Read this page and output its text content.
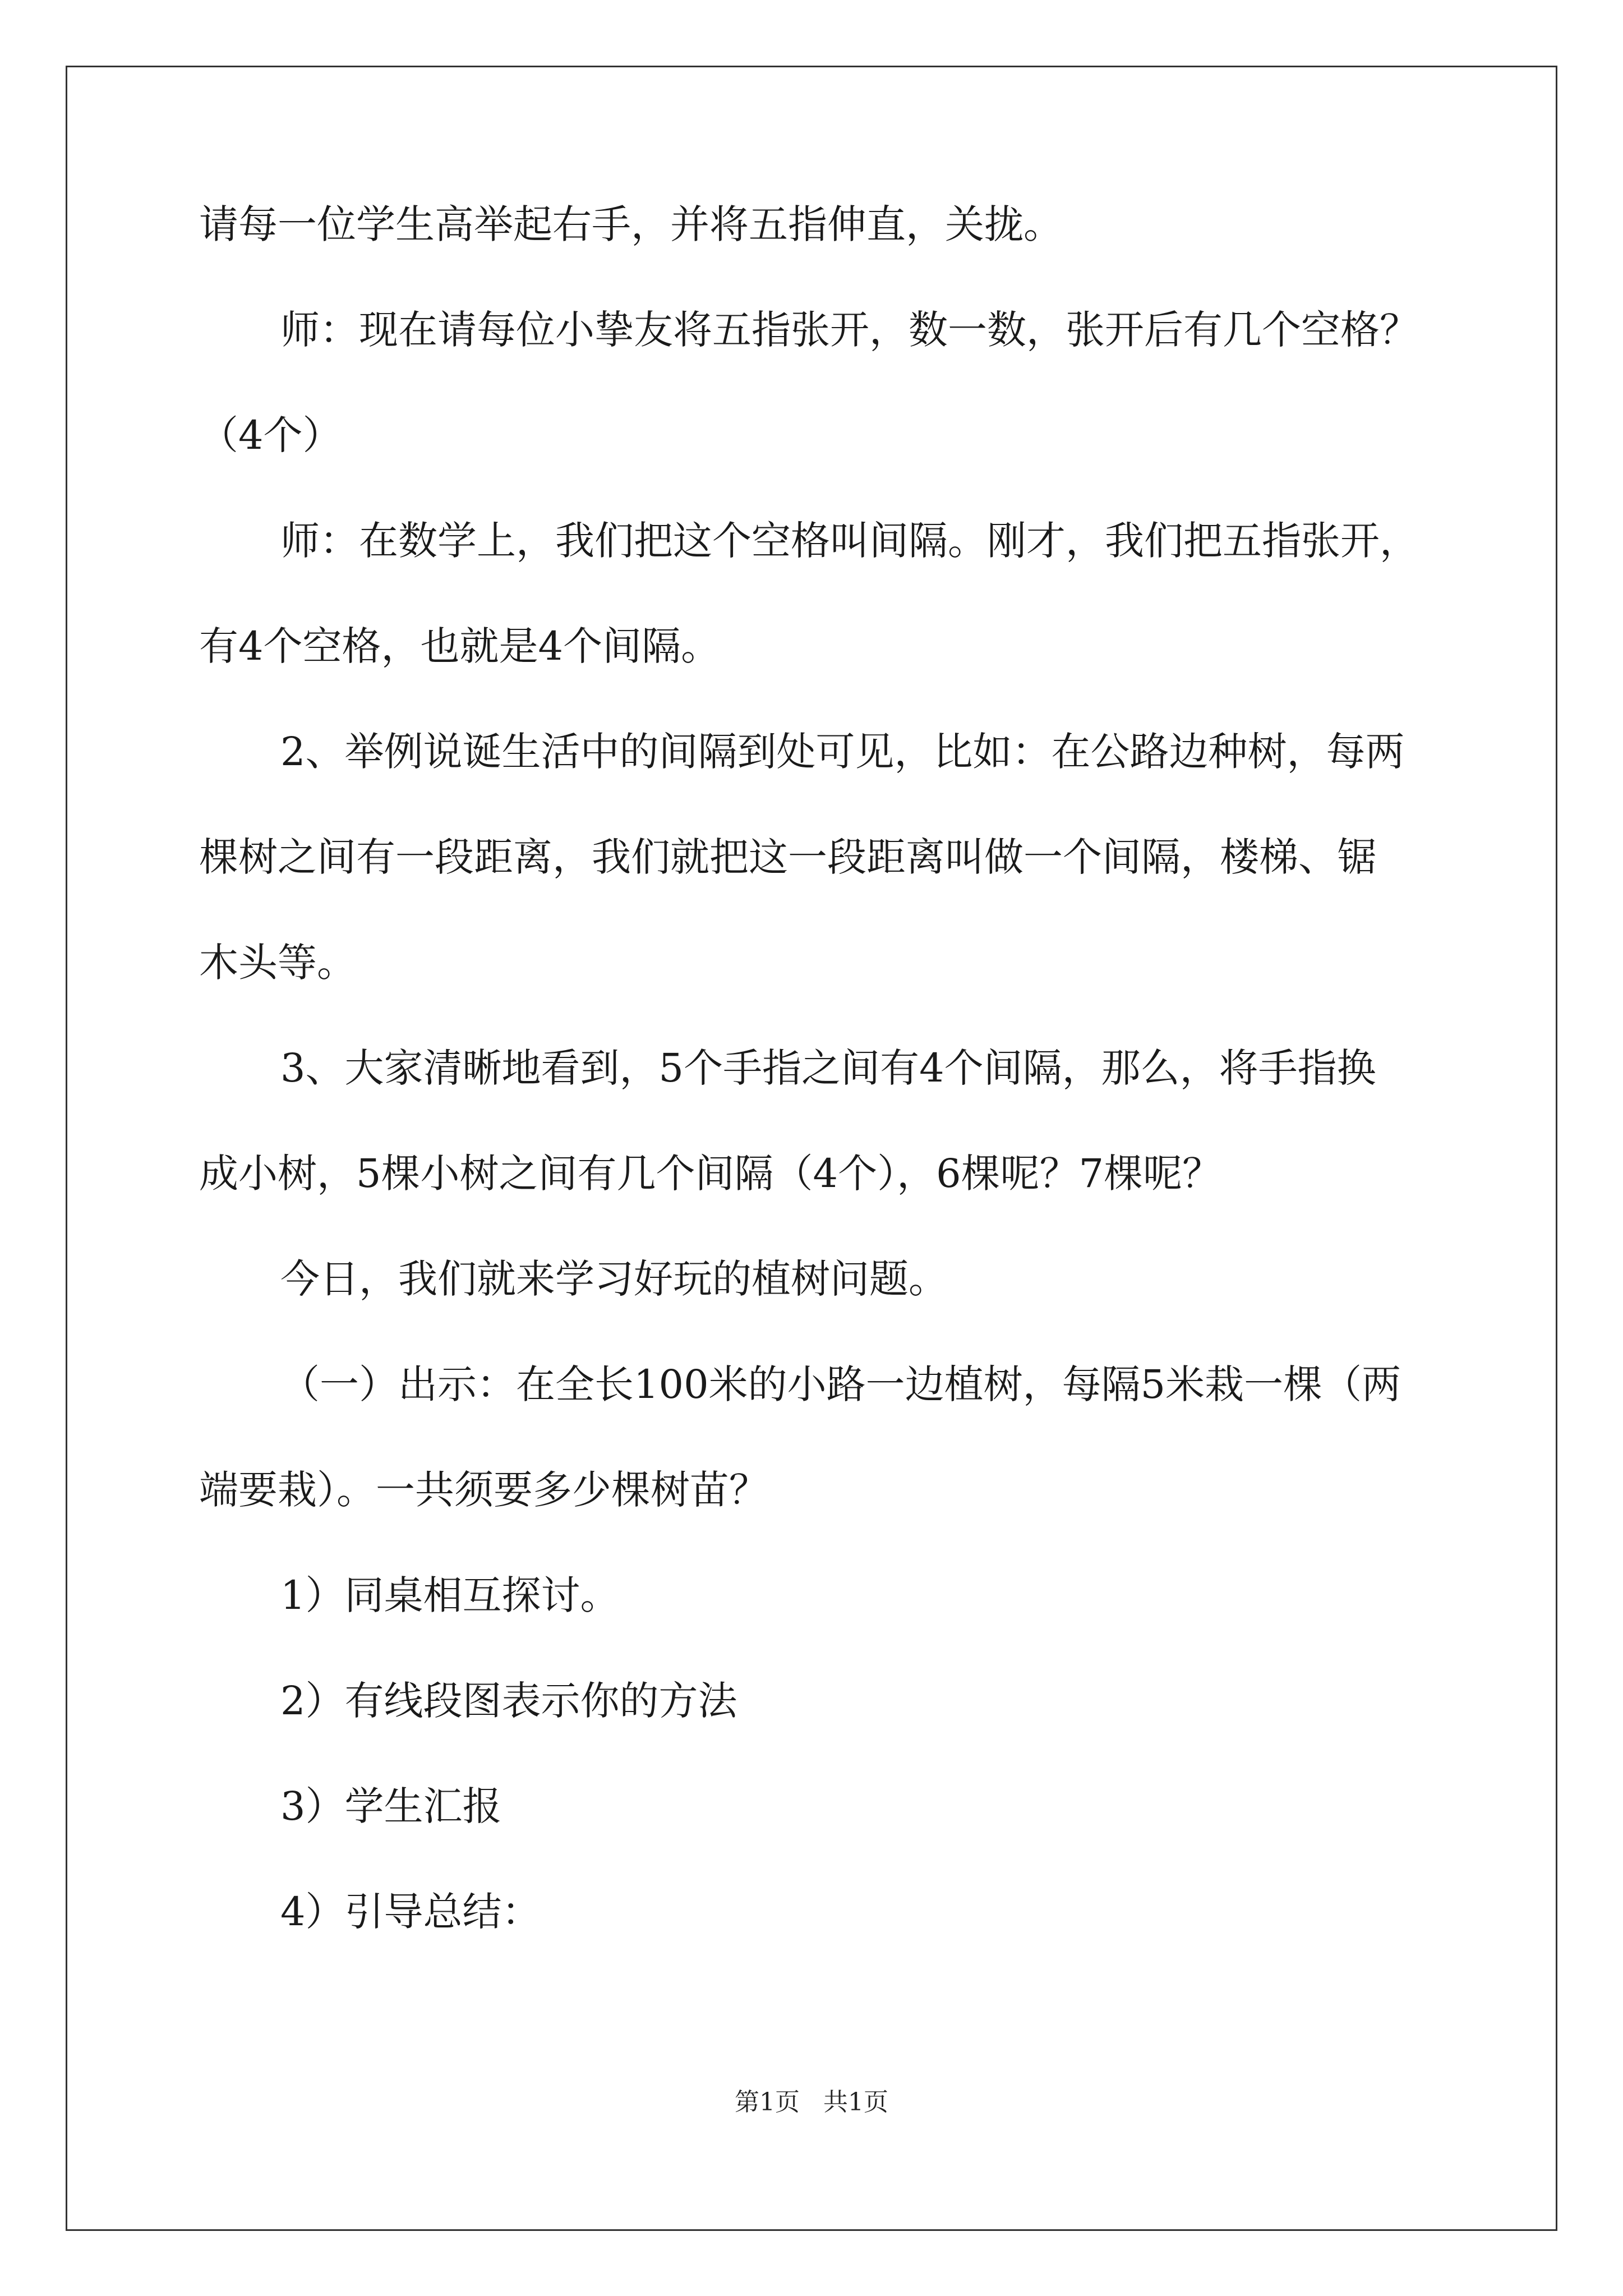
请每一位学生高举起右手，并将五指伸直，关拢。
师：现在请每位小挚友将五指张开，数一数，张开后有几个空格？
（4个）
师：在数学上，我们把这个空格叫间隔。刚才，我们把五指张开，
有4个空格，也就是4个间隔。
2、举例说诞生活中的间隔到处可见，比如：在公路边种树，每两
棵树之间有一段距离，我们就把这一段距离叫做一个间隔，楼梯、锯
木头等。
3、大家清晰地看到，5个手指之间有4个间隔，那么，将手指换
成小树，5棵小树之间有几个间隔（4个），6棵呢？7棵呢？
今日，我们就来学习好玩的植树问题。
（一）出示：在全长100米的小路一边植树，每隔5米栽一棵（两
端要栽）。一共须要多少棵树苗？
1）同桌相互探讨。
2）有线段图表示你的方法
3）学生汇报
4）引导总结：
第1页   共1页
